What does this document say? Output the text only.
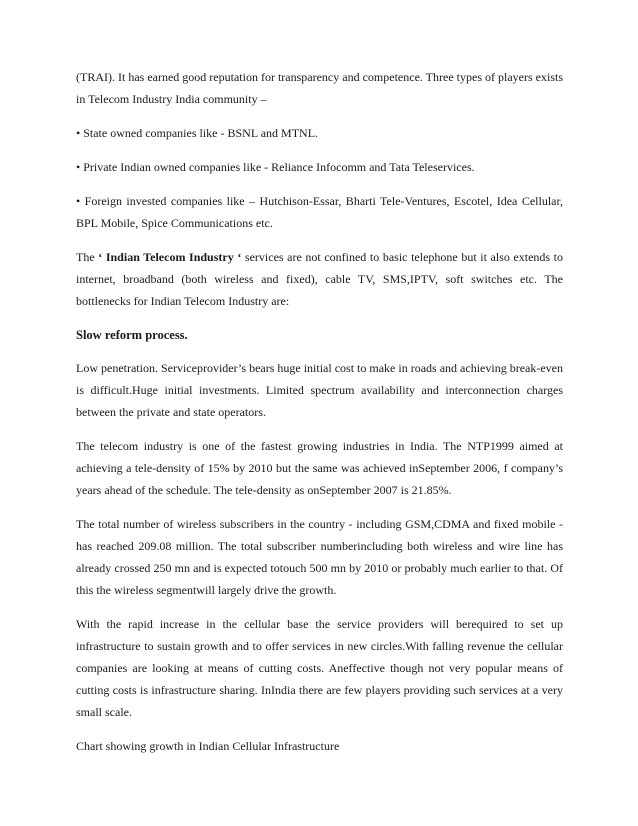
(TRAI). It has earned good reputation for transparency and competence. Three types of players exists in Telecom Industry India community –

• State owned companies like - BSNL and MTNL.

• Private Indian owned companies like - Reliance Infocomm and Tata Teleservices.

• Foreign invested companies like – Hutchison-Essar, Bharti Tele-Ventures, Escotel, Idea Cellular, BPL Mobile, Spice Communications etc.

The ‘ Indian Telecom Industry ‘ services are not confined to basic telephone but it also extends to internet, broadband (both wireless and fixed), cable TV, SMS,IPTV, soft switches etc. The bottlenecks for Indian Telecom Industry are:

Slow reform process.

Low penetration. Serviceprovider’s bears huge initial cost to make in roads and achieving break-even is difficult.Huge initial investments. Limited spectrum availability and interconnection charges between the private and state operators.

The telecom industry is one of the fastest growing industries in India. The NTP1999 aimed at achieving a tele-density of 15% by 2010 but the same was achieved inSeptember 2006, f company’s years ahead of the schedule. The tele-density as onSeptember 2007 is 21.85%.

The total number of wireless subscribers in the country - including GSM,CDMA and fixed mobile - has reached 209.08 million. The total subscriber numberincluding both wireless and wire line has already crossed 250 mn and is expected totouch 500 mn by 2010 or probably much earlier to that. Of this the wireless segmentwill largely drive the growth.

With the rapid increase in the cellular base the service providers will berequired to set up infrastructure to sustain growth and to offer services in new circles.With falling revenue the cellular companies are looking at means of cutting costs. Aneffective though not very popular means of cutting costs is infrastructure sharing. InIndia there are few players providing such services at a very small scale.

Chart showing growth in Indian Cellular Infrastructure
